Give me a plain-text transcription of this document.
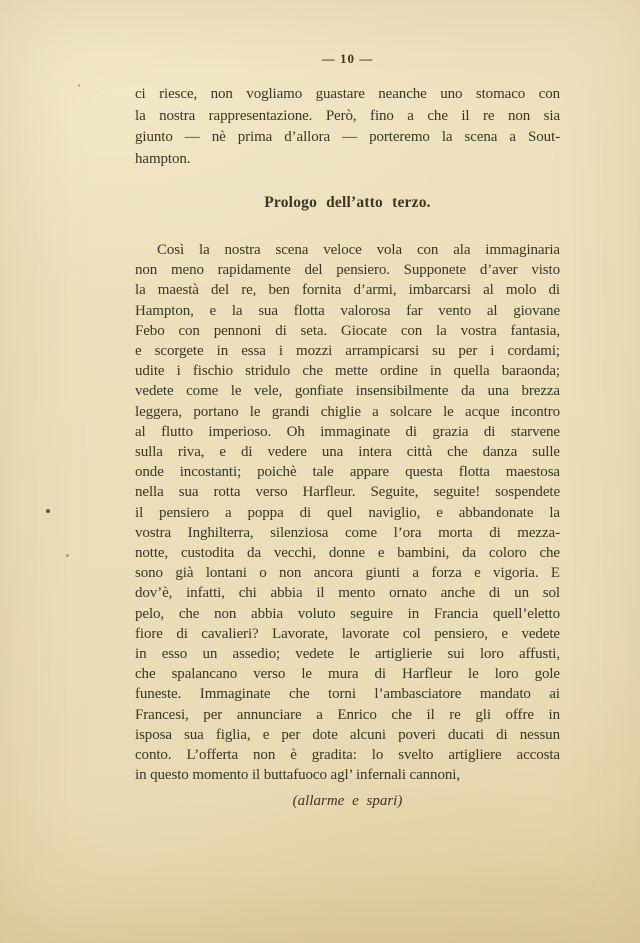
— 10 —
ci riesce, non vogliamo guastare neanche uno stomaco con
la nostra rappresentazione. Però, fino a che il re non sia
giunto — nè prima d’allora — porteremo la scena a Sout-
hampton.
Prologo dell’atto terzo.
Così la nostra scena veloce vola con ala immaginaria
non meno rapidamente del pensiero. Supponete d’aver visto
la maestà del re, ben fornita d’armi, imbarcarsi al molo di
Hampton, e la sua flotta valorosa far vento al giovane
Febo con pennoni di seta. Giocate con la vostra fantasia,
e scorgete in essa i mozzi arrampicarsi su per i cordami;
udite i fischio stridulo che mette ordine in quella baraonda;
vedete come le vele, gonfiate insensibilmente da una brezza
leggera, portano le grandi chiglie a solcare le acque incontro
al flutto imperioso. Oh immaginate di grazia di starvene
sulla riva, e di vedere una intera città che danza sulle
onde incostanti; poichè tale appare questa flotta maestosa
nella sua rotta verso Harfleur. Seguite, seguite! sospendete
il pensiero a poppa di quel naviglio, e abbandonate la
vostra Inghilterra, silenziosa come l’ora morta di mezza-
notte, custodita da vecchi, donne e bambini, da coloro che
sono già lontani o non ancora giunti a forza e vigoria. E
dov’è, infatti, chi abbia il mento ornato anche di un sol
pelo, che non abbia voluto seguire in Francia quell’eletto
fiore di cavalieri? Lavorate, lavorate col pensiero, e vedete
in esso un assedio; vedete le artiglierie sui loro affusti,
che spalancano verso le mura di Harfleur le loro gole
funeste. Immaginate che torni l’ambasciatore mandato ai
Francesi, per annunciare a Enrico che il re gli offre in
isposa sua figlia, e per dote alcuni poveri ducati di nessun
conto. L’offerta non è gradita: lo svelto artigliere accosta
in questo momento il buttafuoco agl’ infernali cannoni,
(allarme e spari)
